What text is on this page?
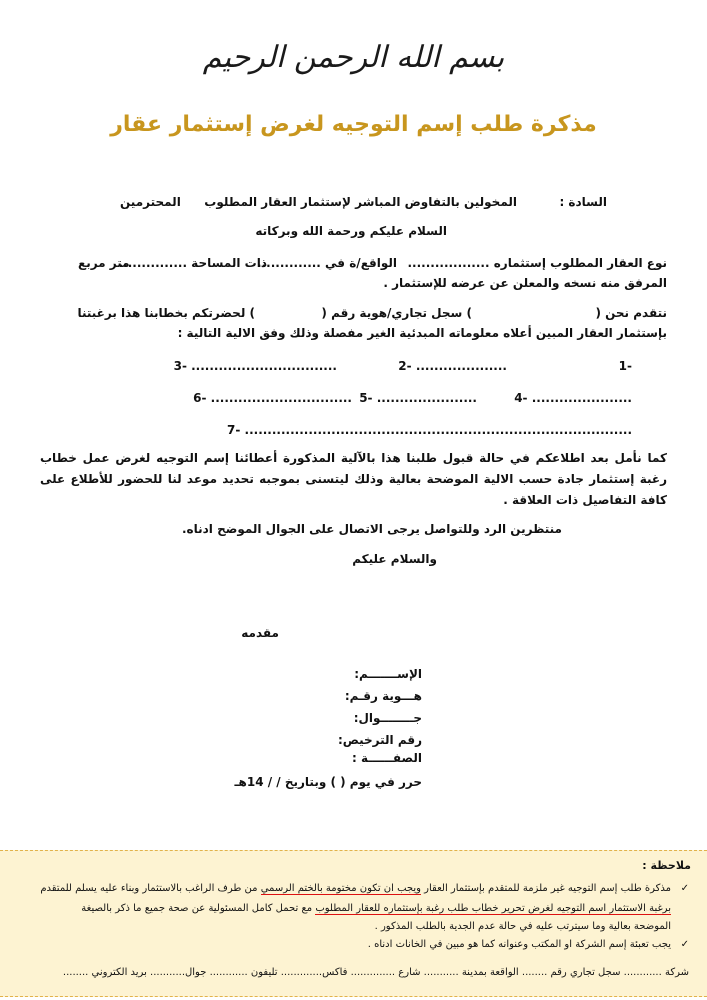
بسم الله الرحمن الرحيم
مذكرة طلب إسم التوجيه لغرض إستثمار عقار
السادة :
المخولين بالتفاوض المباشر لإستثمار العقار المطلوب
المحترمين
السلام عليكم ورحمة الله وبركاته
نوع العقار المطلوب إستثماره ..................
الواقع/ة في ..............
ذات المساحة ...............
متر مربع
المرفق منه نسخه والمعلن عن عرضه للإستثمار .
نتقدم نحن (
) سجل تجاري/هوية رقم (
) لحضرتكم بخطابنا هذا برغبتنا
بإستثمار العقار المبين أعلاه معلوماته المبدئية الغير مفصلة وذلك وفق الالية التالية :
-1
.................... -2
................................ -3
...................... -4
...................... -5
............................... -6
..................................................................................... -7
كما نأمل بعد اطلاعكم في حالة قبول طلبنا هذا بالآلية المذكورة أعطائنا إسم التوجيه لغرض عمل خطاب رغبة إستثمار جادة حسب الالية الموضحة بعالية وذلك ليتسنى بموجبه تحديد موعد لنا للحضور للأطلاع على كافة التفاصيل ذات العلاقة .
منتظرين الرد وللتواصل يرجى الاتصال على الجوال الموضح ادناه.
والسلام عليكم
مقدمه
الإســـــــم:
هـــوية رقـم:
جــــــــوال:
رقم الترخيص:
الصفــــــة :
حرر في يوم ( ) وبتاريخ / / 14هـ
ملاحظة :
✓مذكرة طلب إسم التوجيه غير ملزمة للمتقدم بإستثمار العقار ويجب ان تكون مختومة بالختم الرسمي من طرف الراغب بالاستثمار وبناء عليه يسلم للمتقدم
برغبة الاستثمار اسم التوجيه لغرض تحرير خطاب طلب رغبة بإستثماره للعقار المطلوب مع تحمل كامل المسئولية عن صحة جميع ما ذكر بالصيغة
الموضحة بعالية وما سيترتب عليه في حالة عدم الجدية بالطلب المذكور .
✓يجب تعبئة إسم الشركة او المكتب وعنوانه كما هو مبين في الخانات ادناه .
شركة ............ سجل تجاري رقم ........ الواقعة بمدينة ........... شارع .............. فاكس............. تليفون ............ جوال........... بريد الكتروني ........
